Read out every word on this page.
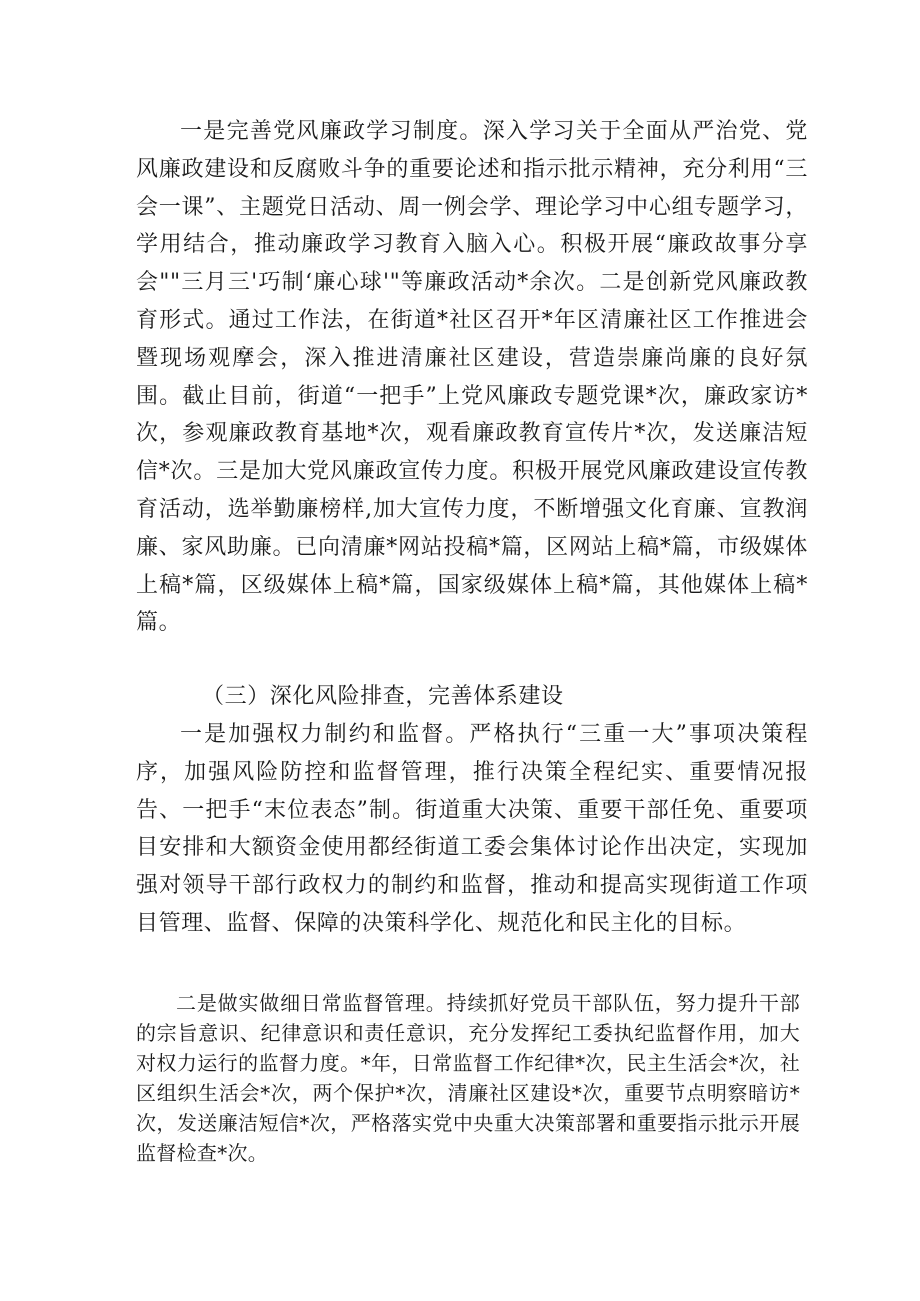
一是完善党风廉政学习制度。深入学习关于全面从严治党、党风廉政建设和反腐败斗争的重要论述和指示批示精神，充分利用“三会一课”、主题党日活动、周一例会学、理论学习中心组专题学习，学用结合，推动廉政学习教育入脑入心。积极开展“廉政故事分享会""三月三'巧制‘廉心球'"等廉政活动*余次。二是创新党风廉政教育形式。通过工作法，在街道*社区召开*年区清廉社区工作推进会暨现场观摩会，深入推进清廉社区建设，营造崇廉尚廉的良好氛围。截止目前，街道“一把手”上党风廉政专题党课*次，廉政家访*次，参观廉政教育基地*次，观看廉政教育宣传片*次，发送廉洁短信*次。三是加大党风廉政宣传力度。积极开展党风廉政建设宣传教育活动，选举勤廉榜样,加大宣传力度，不断增强文化育廉、宣教润廉、家风助廉。已向清廉*网站投稿*篇，区网站上稿*篇，市级媒体上稿*篇，区级媒体上稿*篇，国家级媒体上稿*篇，其他媒体上稿*篇。

（三）深化风险排查，完善体系建设

一是加强权力制约和监督。严格执行“三重一大”事项决策程序，加强风险防控和监督管理，推行决策全程纪实、重要情况报告、一把手“末位表态”制。街道重大决策、重要干部任免、重要项目安排和大额资金使用都经街道工委会集体讨论作出决定，实现加强对领导干部行政权力的制约和监督，推动和提高实现街道工作项目管理、监督、保障的决策科学化、规范化和民主化的目标。

二是做实做细日常监督管理。持续抓好党员干部队伍，努力提升干部的宗旨意识、纪律意识和责任意识，充分发挥纪工委执纪监督作用，加大对权力运行的监督力度。*年，日常监督工作纪律*次，民主生活会*次，社区组织生活会*次，两个保护*次，清廉社区建设*次，重要节点明察暗访*次，发送廉洁短信*次，严格落实党中央重大决策部署和重要指示批示开展监督检查*次。
